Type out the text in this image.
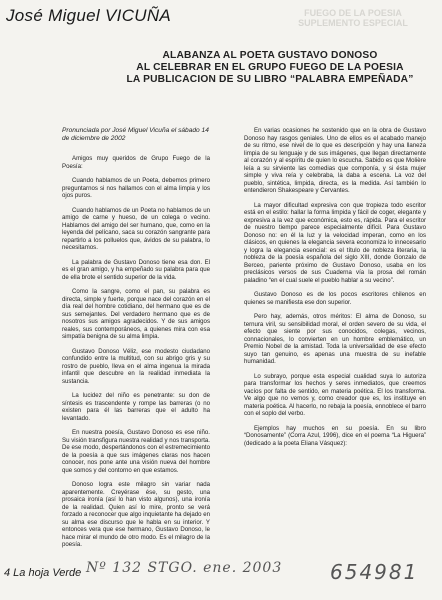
José Miguel VICUÑA	FUEGO DE LA POESIA SUPLEMENTO ESPECIAL
ALABANZA AL POETA GUSTAVO DONOSO
AL CELEBRAR EN EL GRUPO FUEGO DE LA POESIA
LA PUBLICACION DE SU LIBRO “PALABRA EMPEÑADA”
Pronunciada por José Miguel Vicuña el sábado 14 de diciembre de 2002

Amigos muy queridos de Grupo Fuego de la Poesía:

Cuando hablamos de un Poeta, debemos primero preguntarnos si nos hallamos con el alma limpia y los ojos puros.

Cuando hablamos de un Poeta no hablamos de un amigo de carne y hueso, de un colega o vecino. Hablamos del amigo del ser humano, que, como en la leyenda del pelícano, saca su corazón sangrante para repartirlo a los polluelos que, ávidos de su palabra, lo necesitamos.

La palabra de Gustavo Donoso tiene esa don. El es el gran amigo, y ha empeñado su palabra para que de ella brote el sentido superior de la vida.

Como la sangre, como el pan, su palabra es directa, simple y fuerte, porque nace del corazón en el día real del hombre cotidiano, del hermano que es de sus semejantes. Del verdadero hermano que es de nosotros sus amigos agradecidos. Y de sus amigos reales, sus contemporáneos, a quienes mira con esa simpatía benigna de su alma limpia.

Gustavo Donoso Véliz, ese modesto ciudadano confundido entre la multitud, con su abrigo gris y su rostro de pueblo, lleva en el alma ingenua la mirada infantil que descubre en la realidad inmediata la sustancia.

La lucidez del niño es penetrante: su don de síntesis es trascendente y rompe las barreras (o no existen para él las barreras que el adulto ha levantado.

En nuestra poesía, Gustavo Donoso es ese niño. Su visión transfigura nuestra realidad y nos transporta. De ese modo, despertándonos con el estremecimiento de la poesía a que sus imágenes claras nos hacen conocer, nos pone ante una visión nueva del hombre que somos y del contorno en que estamos.

Donoso logra este milagro sin variar nada aparentemente. Creyérase ése, su gesto, una prosaica ironía (así lo han visto algunos), una ironía de la realidad. Quien así lo mire, pronto se verá forzado a reconocer que algo inquietante ha dejado en su alma ese discurso que le habla en su interior. Y entonces vera que ese hermano, Gustavo Donoso, le hace mirar el mundo de otro modo. Es el milagro de la poesía.

En varias ocasiones he sostenido que en la obra de Gustavo Donoso hay rasgos geniales. Uno de ellos es el acabado manejo de su ritmo, ese nivel de lo que es descripción y hay una llaneza limpia de su lenguaje y de sus imágenes, que llegan directamente al corazón y al espíritu de quien lo escucha. Sabido es que Molière leía a su sirviente las comedias que componía, y si ésta mujer simple y viva reía y celebraba, la daba a escena. La voz del pueblo, sintética, limpida, directa, es la medida. Así también lo entendieron Shakespeare y Cervantes.

La mayor dificultad expresiva con que tropieza todo escritor está en el estilo: hallar la forma limpida y fácil de coger, elegante y expresiva a la vez que económica, esto es, rápida. Para el escritor de nuestro tiempo parece especialmente difícil. Para Gustavo Donoso no: en él la luz y la velocidad imperan, como en los clásicos, en quienes la elegancia severa economiza lo innecesario y logra la elegancia esencial: es el título de nobleza literaria, la nobleza de la poesía española del siglo XIII, donde Gonzalo de Berceo, pariente próximo de Gustavo Donoso, usaba en los preclásicos versos de sus Cuaderna vía la prosa del román paladino “en el cual suele el pueblo hablar a su vecino”.

Gustavo Donoso es de los pocos escritores chilenos en quienes se manifiesta ese don superior.

Pero hay, además, otros méritos: El alma de Donoso, su ternura viril, su sensibilidad moral, el orden severo de su vida, el efecto que siente por sus conocidos, colegas, vecinos, connacionales, lo convierten en un hombre emblemático, un Premio Nobel de la amistad. Toda la universalidad de ese efecto suyo tan genuino, es apenas una muestra de su inefable humanidad.

Lo subrayo, porque esta especial cualidad suya lo autoriza para transformar los hechos y seres inmediatos, que creemos vacíos por falta de sentido, en materia poética. El los transforma. Ve algo que no vemos y, como creador que es, los instituye en materia poética. Al hacerlo, no rebaja la poesía, ennoblece el barro con el soplo del verbo.

Ejemplos hay muchos en su poesía. En su libro “Donosamente” (Corra Azul, 1996), dice en el poema “La Higuera” (dedicado a la poeta Eliana Vásquez):

4 La hoja Verde Nº 132 STGO. ene. 2003 654981
